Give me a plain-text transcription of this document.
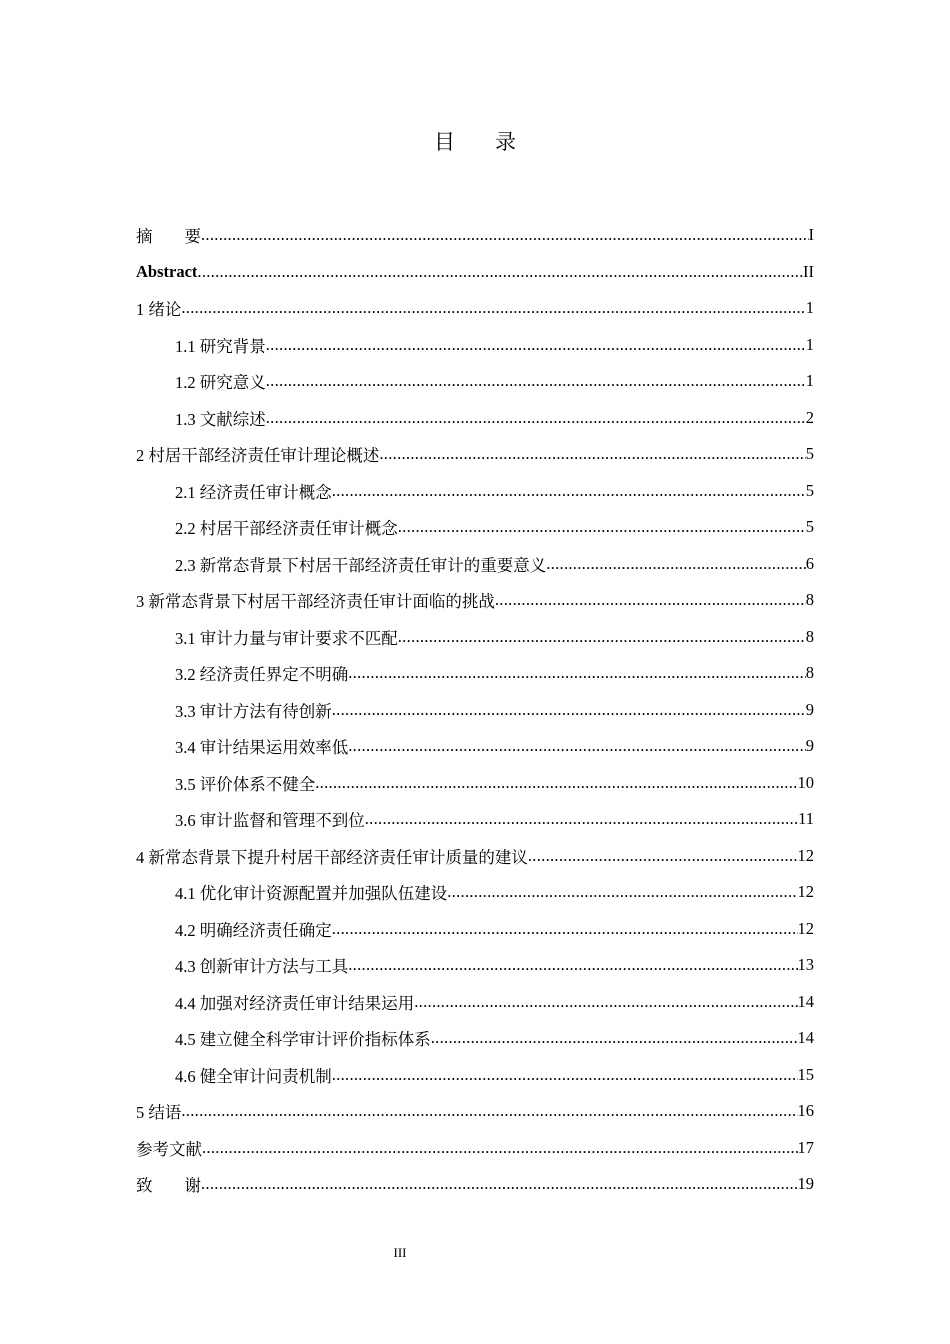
目录
摘要 .....	I
Abstract .....	II
1 绪论 .....	1
1.1 研究背景 .....	1
1.2 研究意义 .....	1
1.3 文献综述 .....	2
2 村居干部经济责任审计理论概述 .....	5
2.1 经济责任审计概念 .....	5
2.2 村居干部经济责任审计概念 .....	5
2.3 新常态背景下村居干部经济责任审计的重要意义 .....	6
3 新常态背景下村居干部经济责任审计面临的挑战 .....	8
3.1 审计力量与审计要求不匹配 .....	8
3.2 经济责任界定不明确 .....	8
3.3 审计方法有待创新 .....	9
3.4 审计结果运用效率低 .....	9
3.5 评价体系不健全 .....	10
3.6 审计监督和管理不到位 .....	11
4 新常态背景下提升村居干部经济责任审计质量的建议 .....	12
4.1 优化审计资源配置并加强队伍建设 .....	12
4.2 明确经济责任确定 .....	12
4.3 创新审计方法与工具 .....	13
4.4 加强对经济责任审计结果运用 .....	14
4.5 建立健全科学审计评价指标体系 .....	14
4.6 健全审计问责机制 .....	15
5 结语 .....	16
参考文献 .....	17
致谢 .....	19
III
